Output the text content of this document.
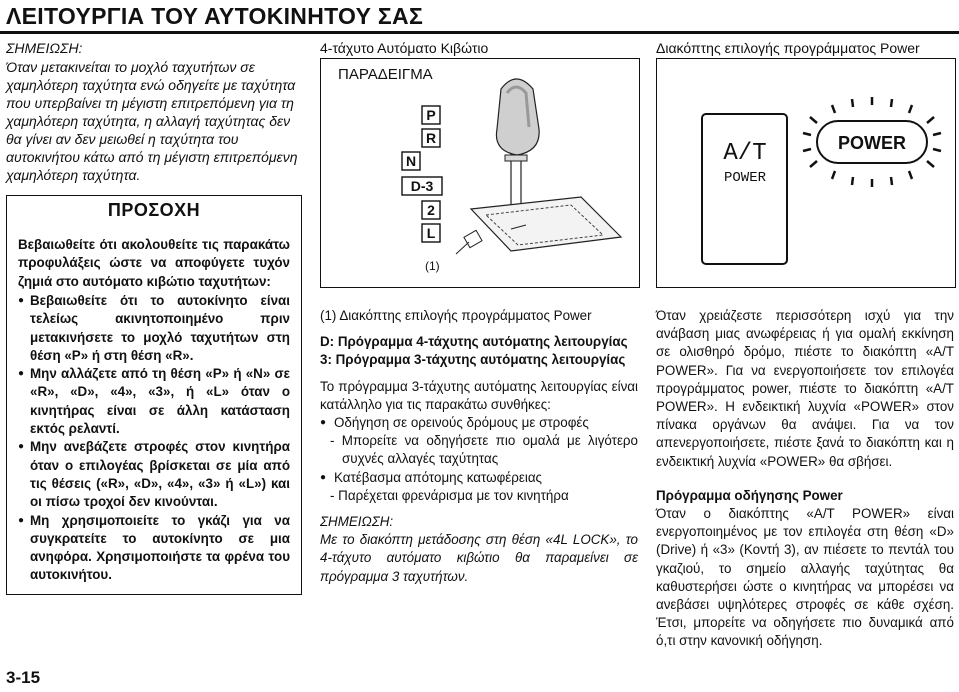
ΛΕΙΤΟΥΡΓΙΑ ΤΟΥ ΑΥΤΟΚΙΝΗΤΟΥ ΣΑΣ
ΣΗΜΕΙΩΣΗ:
Όταν μετακινείται το μοχλό ταχυτήτων σε χαμηλότερη ταχύτητα ενώ οδηγείτε με ταχύτητα που υπερβαίνει τη μέγιστη επιτρεπόμενη για τη χαμηλότερη ταχύτητα, η αλλαγή ταχύτητας δεν θα γίνει αν δεν μειωθεί η ταχύτητα του αυτοκινήτου κάτω από τη μέγιστη επιτρεπόμενη χαμηλότερη ταχύτητα.
ΠΡΟΣΟΧΗ
Βεβαιωθείτε ότι ακολουθείτε τις παρακάτω προφυλάξεις ώστε να αποφύγετε τυχόν ζημιά στο αυτόματο κιβώτιο ταχυτήτων:
● Βεβαιωθείτε ότι το αυτοκίνητο είναι τελείως ακινητοποιημένο πριν μετακινήσετε το μοχλό ταχυτήτων στη θέση «P» ή στη θέση «R».
● Μην αλλάζετε από τη θέση «P» ή «N» σε «R», «D», «4», «3», ή «L» όταν ο κινητήρας είναι σε άλλη κατάσταση εκτός ρελαντί.
● Μην ανεβάζετε στροφές στον κινητήρα όταν ο επιλογέας βρίσκεται σε μία από τις θέσεις («R», «D», «4», «3» ή «L») και οι πίσω τροχοί δεν κινούνται.
● Μη χρησιμοποιείτε το γκάζι για να συγκρατείτε το αυτοκίνητο σε μια ανηφόρα. Χρησιμοποιήστε τα φρένα του αυτοκινήτου.
3-15
4-τάχυτο Αυτόματο Κιβώτιο
P
R
N
D-3
2
L
ΠΑΡΑΔΕΙΓΜΑ
(1)
(1) Διακόπτης επιλογής προγράμματος Power
D: Πρόγραμμα 4-τάχυτης αυτόματης λειτουργίας
3: Πρόγραμμα 3-τάχυτης αυτόματης λειτουργίας
Το πρόγραμμα 3-τάχυτης αυτόματης λειτουργίας είναι κατάλληλο για τις παρακάτω συνθήκες:
● Οδήγηση σε ορεινούς δρόμους με στροφές
- Μπορείτε να οδηγήσετε πιο ομαλά με λιγότερο συχνές αλλαγές ταχύτητας
● Κατέβασμα απότομης κατωφέρειας
- Παρέχεται φρενάρισμα με τον κινητήρα
ΣΗΜΕΙΩΣΗ:
Με το διακόπτη μετάδοσης στη θέση «4L LOCK», το 4-τάχυτο αυτόματο κιβώτιο θα παραμείνει σε πρόγραμμα 3 ταχυτήτων.
Διακόπτης επιλογής προγράμματος Power
A/T
POWER
POWER
Όταν χρειάζεστε περισσότερη ισχύ για την ανάβαση μιας ανωφέρειας ή για ομαλή εκκίνηση σε ολισθηρό δρόμο, πιέστε το διακόπτη «A/T POWER». Για να ενεργοποιήσετε τον επιλογέα προγράμματος power, πιέστε το διακόπτη «A/T POWER». Η ενδεικτική λυχνία «POWER» στον πίνακα οργάνων θα ανάψει. Για να τον απενεργοποιήσετε, πιέστε ξανά το διακόπτη και η ενδεικτική λυχνία «POWER» θα σβήσει.
Πρόγραμμα οδήγησης Power
Όταν ο διακόπτης «A/T POWER» είναι ενεργοποιημένος με τον επιλογέα στη θέση «D» (Drive) ή «3» (Κοντή 3), αν πιέσετε το πεντάλ του γκαζιού, το σημείο αλλαγής ταχύτητας θα καθυστερήσει ώστε ο κινητήρας να μπορέσει να ανεβάσει υψηλότερες στροφές σε κάθε σχέση. Έτσι, μπορείτε να οδηγήσετε πιο δυναμικά από ό,τι στην κανονική οδήγηση.
